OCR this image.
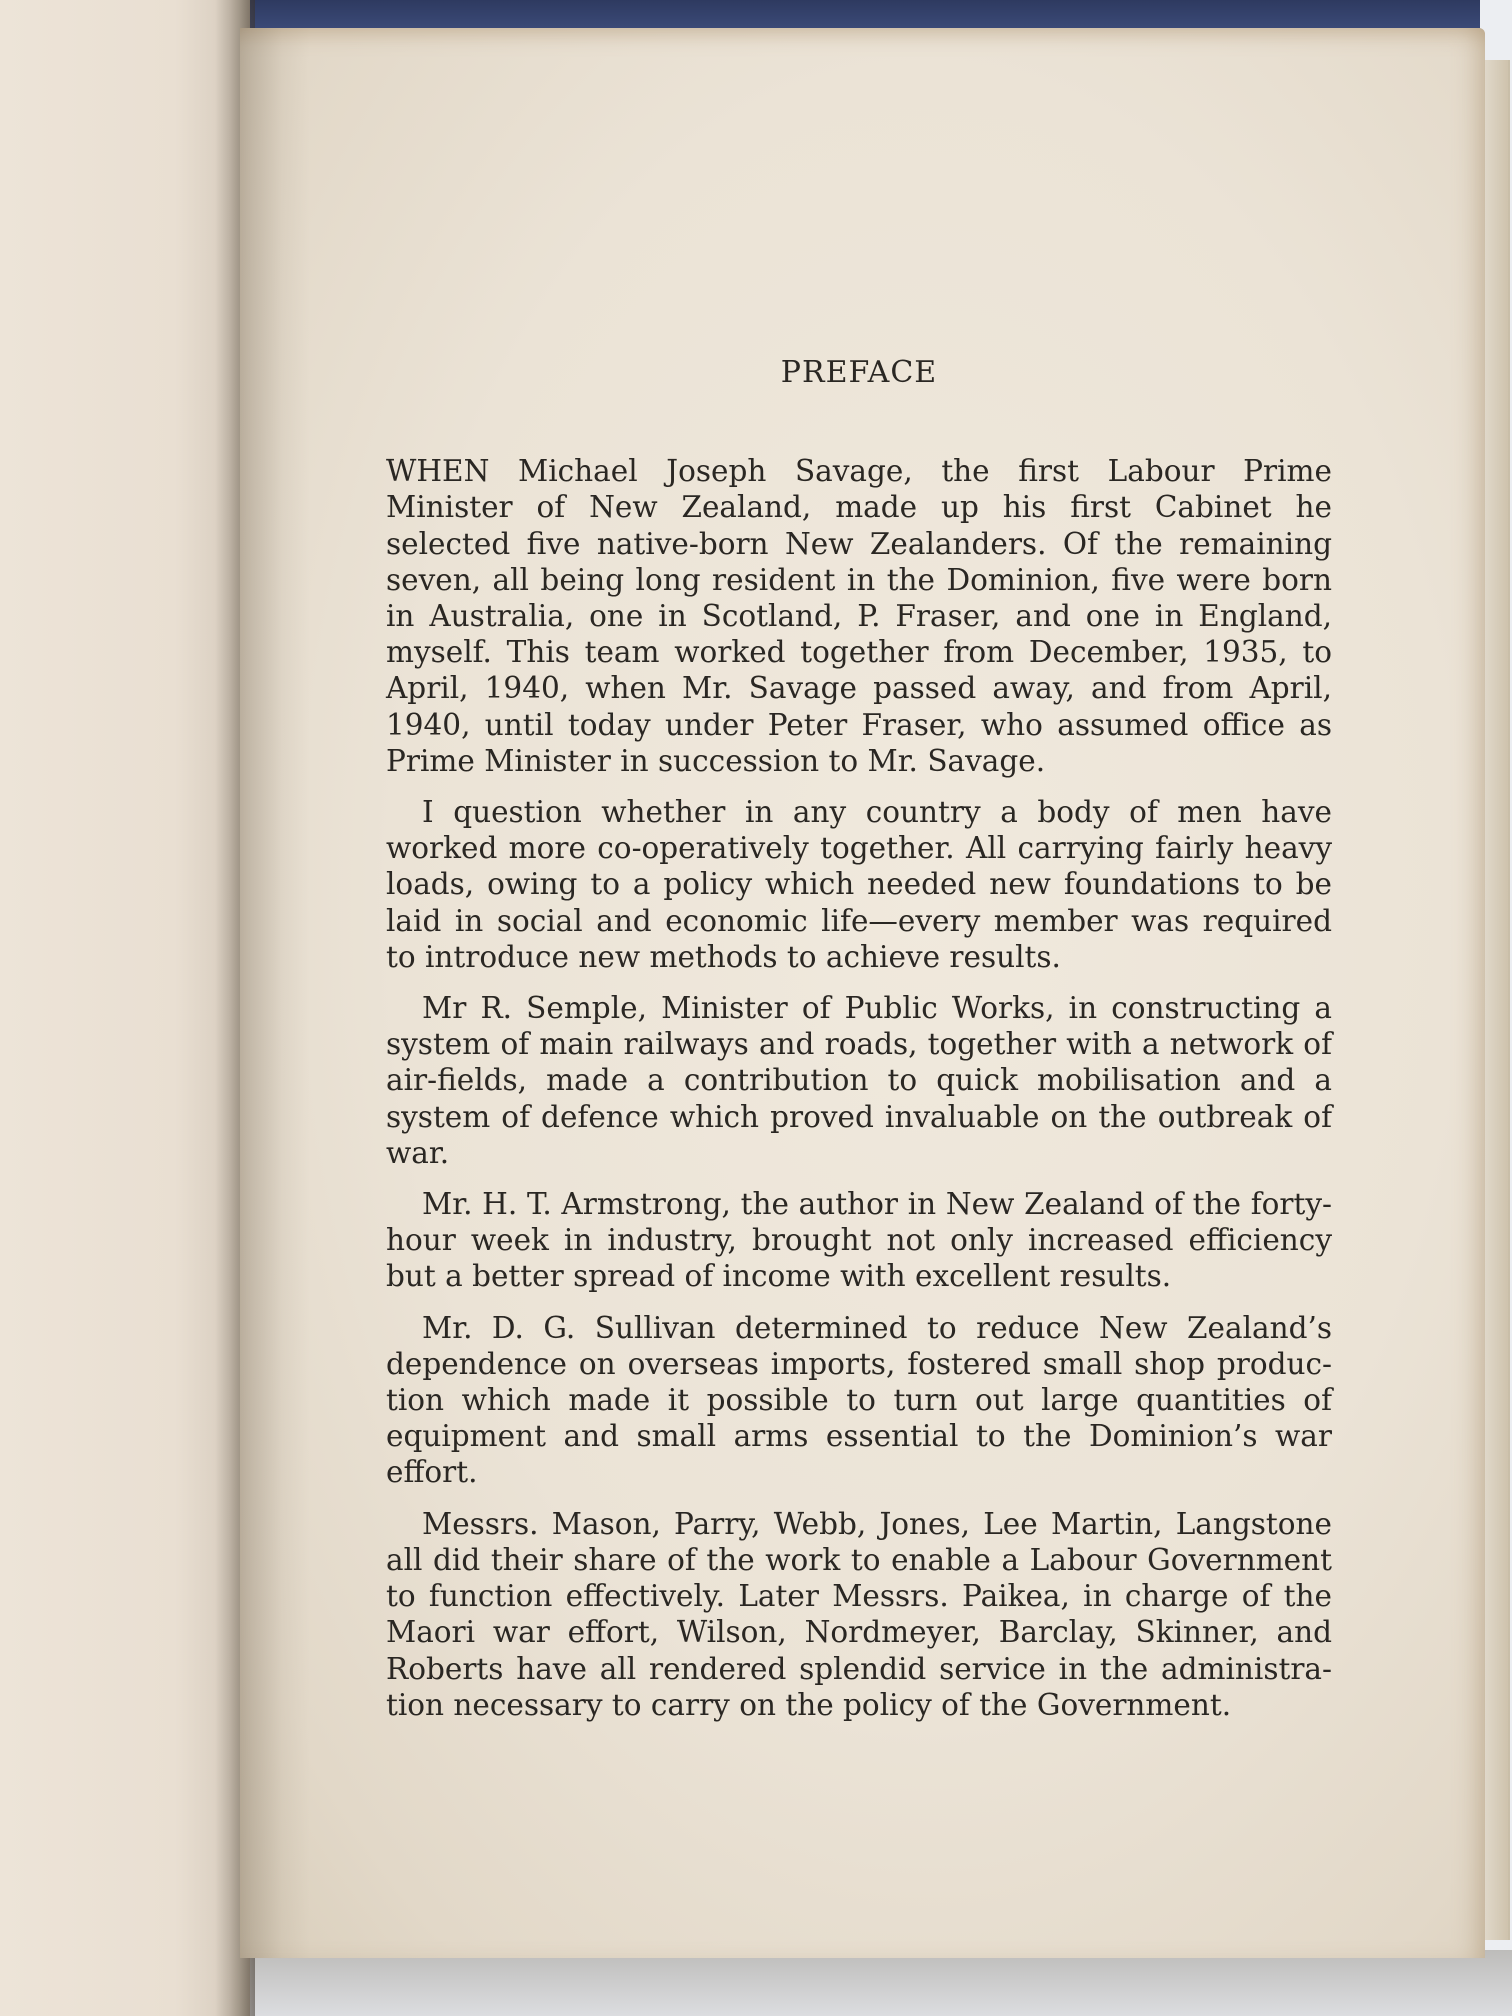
PREFACE

WHEN Michael Joseph Savage, the first Labour Prime Minister of New Zealand, made up his first Cabinet he selected five native-born New Zealanders. Of the remaining seven, all being long resident in the Dominion, five were born in Australia, one in Scotland, P. Fraser, and one in England, myself. This team worked together from December, 1935, to April, 1940, when Mr. Savage passed away, and from April, 1940, until today under Peter Fraser, who assumed office as Prime Minister in succession to Mr. Savage.

I question whether in any country a body of men have worked more co-operatively together. All carrying fairly heavy loads, owing to a policy which needed new foundations to be laid in social and economic life—every member was required to introduce new methods to achieve results.

Mr R. Semple, Minister of Public Works, in constructing a system of main railways and roads, together with a network of air-fields, made a contribution to quick mobilisation and a system of defence which proved invaluable on the outbreak of war.

Mr. H. T. Armstrong, the author in New Zealand of the forty-hour week in industry, brought not only increased efficiency but a better spread of income with excellent results.

Mr. D. G. Sullivan determined to reduce New Zealand’s dependence on overseas imports, fostered small shop production which made it possible to turn out large quantities of equipment and small arms essential to the Dominion’s war effort.

Messrs. Mason, Parry, Webb, Jones, Lee Martin, Langstone all did their share of the work to enable a Labour Government to function effectively. Later Messrs. Paikea, in charge of the Maori war effort, Wilson, Nordmeyer, Barclay, Skinner, and Roberts have all rendered splendid service in the administration necessary to carry on the policy of the Government.
